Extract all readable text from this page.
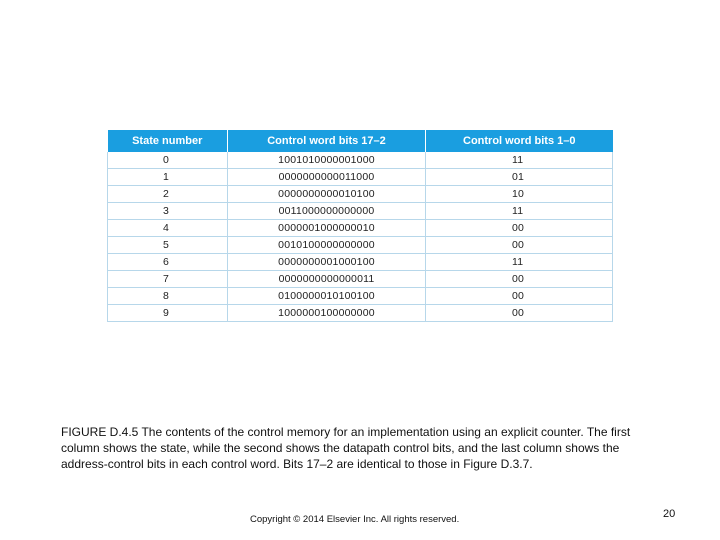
State number	Control word bits 17–2	Control word bits 1–0
0	1001010000001000	11
1	0000000000011000	01
2	0000000000010100	10
3	0011000000000000	11
4	0000001000000010	00
5	0010100000000000	00
6	0000000001000100	11
7	0000000000000011	00
8	0100000010100100	00
9	1000000100000000	00
FIGURE D.4.5 The contents of the control memory for an implementation using an explicit counter. The first column shows the state, while the second shows the datapath control bits, and the last column shows the address-control bits in each control word. Bits 17–2 are identical to those in Figure D.3.7.
Copyright © 2014 Elsevier Inc. All rights reserved.	20
